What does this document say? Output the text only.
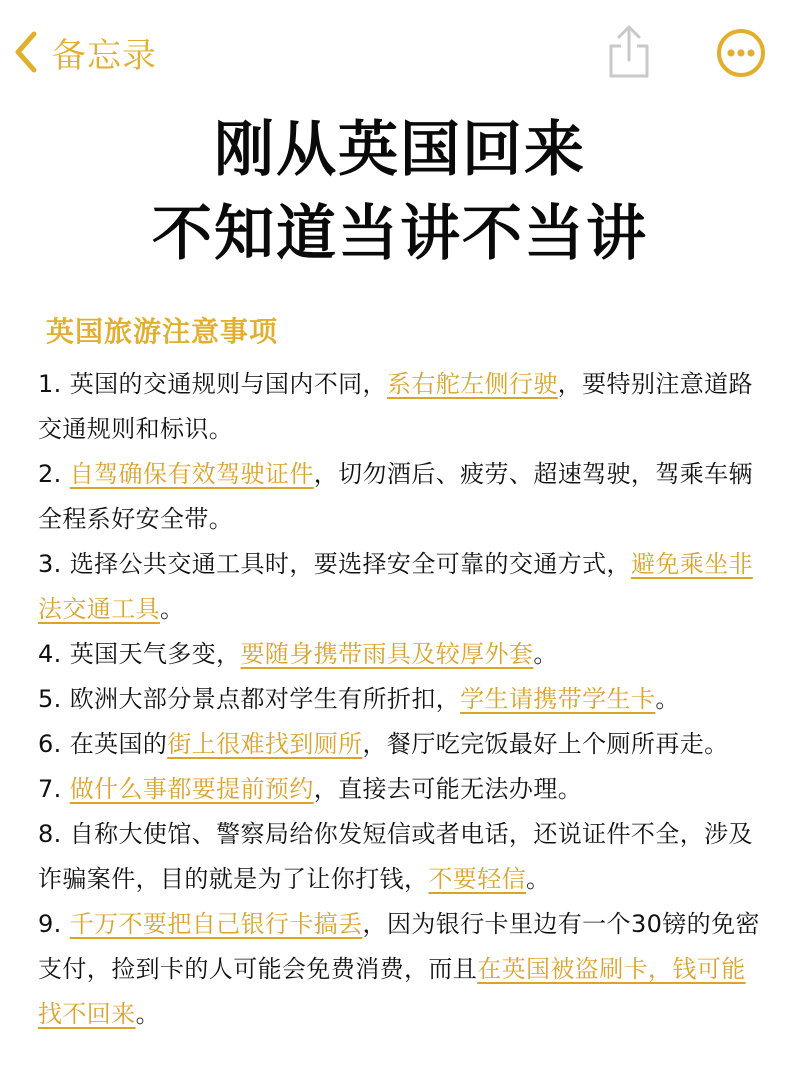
备忘录
刚从英国回来
不知道当讲不当讲
英国旅游注意事项
1. 英国的交通规则与国内不同，系右舵左侧行驶，要特别注意道路交通规则和标识。
2. 自驾确保有效驾驶证件，切勿酒后、疲劳、超速驾驶，驾乘车辆全程系好安全带。
3. 选择公共交通工具时，要选择安全可靠的交通方式，避免乘坐非法交通工具。
4. 英国天气多变，要随身携带雨具及较厚外套。
5. 欧洲大部分景点都对学生有所折扣，学生请携带学生卡。
6. 在英国的街上很难找到厕所，餐厅吃完饭最好上个厕所再走。
7. 做什么事都要提前预约，直接去可能无法办理。
8. 自称大使馆、警察局给你发短信或者电话，还说证件不全，涉及诈骗案件，目的就是为了让你打钱，不要轻信。
9. 千万不要把自己银行卡搞丢，因为银行卡里边有一个30镑的免密支付，捡到卡的人可能会免费消费，而且在英国被盗刷卡，钱可能找不回来。
